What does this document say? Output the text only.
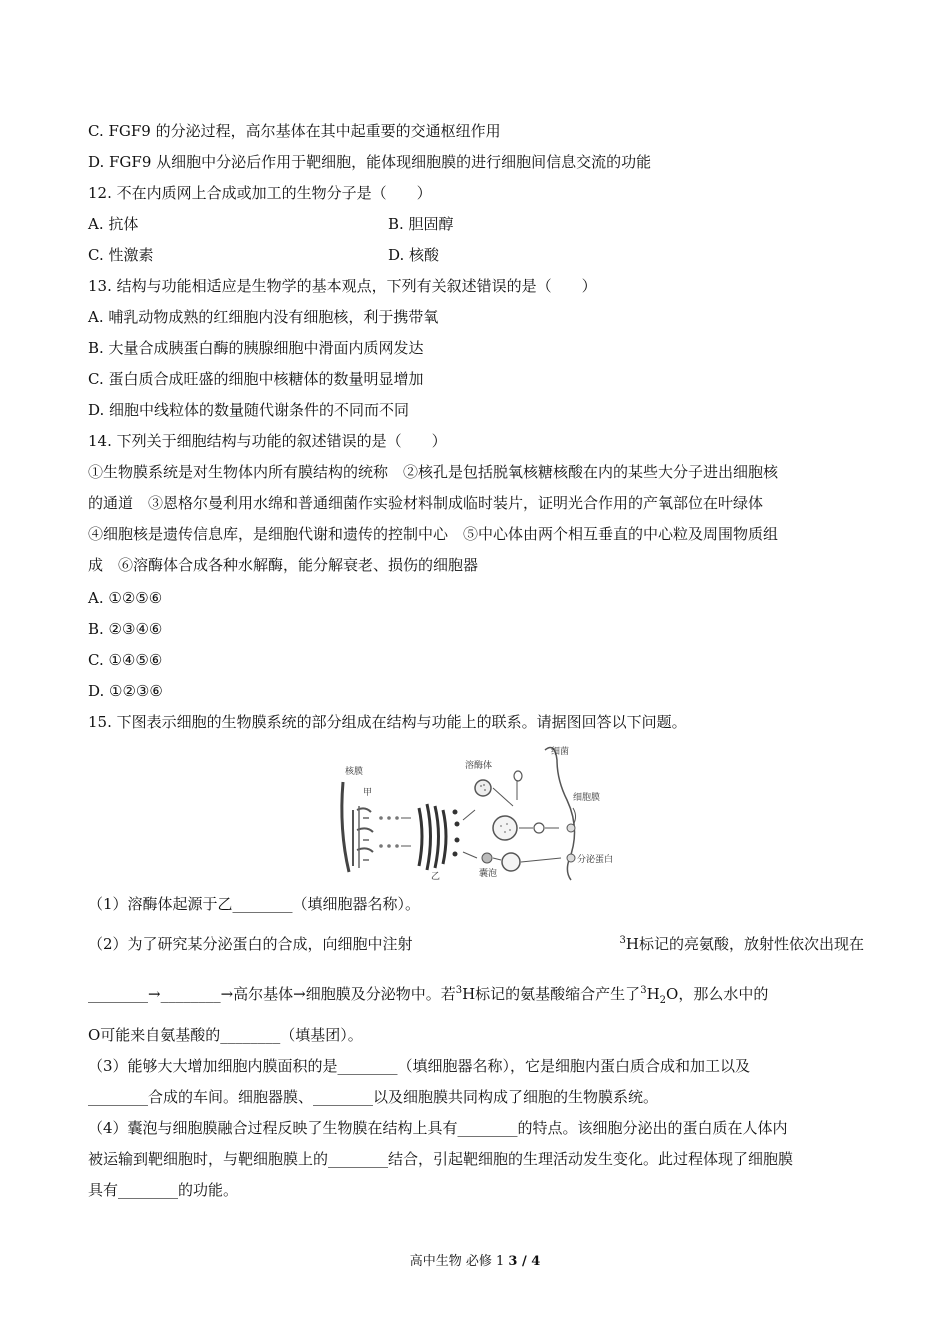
C. FGF9 的分泌过程，高尔基体在其中起重要的交通枢纽作用
D. FGF9 从细胞中分泌后作用于靶细胞，能体现细胞膜的进行细胞间信息交流的功能
12. 不在内质网上合成或加工的生物分子是（　　）
A. 抗体	B. 胆固醇
C. 性激素	D. 核酸
13. 结构与功能相适应是生物学的基本观点，下列有关叙述错误的是（　　）
A. 哺乳动物成熟的红细胞内没有细胞核，利于携带氧
B. 大量合成胰蛋白酶的胰腺细胞中滑面内质网发达
C. 蛋白质合成旺盛的细胞中核糖体的数量明显增加
D. 细胞中线粒体的数量随代谢条件的不同而不同
14. 下列关于细胞结构与功能的叙述错误的是（　　）
①生物膜系统是对生物体内所有膜结构的统称　②核孔是包括脱氧核糖核酸在内的某些大分子进出细胞核
的通道　③恩格尔曼利用水绵和普通细菌作实验材料制成临时装片，证明光合作用的产氧部位在叶绿体
④细胞核是遗传信息库，是细胞代谢和遗传的控制中心　⑤中心体由两个相互垂直的中心粒及周围物质组
成　⑥溶酶体合成各种水解酶，能分解衰老、损伤的细胞器
A. ①②⑤⑥
B. ②③④⑥
C. ①④⑤⑥
D. ①②③⑥
15. 下图表示细胞的生物膜系统的部分组成在结构与功能上的联系。请据图回答以下问题。
核膜
甲
乙
溶酶体
细菌
细胞膜
囊泡
分泌蛋白
（1）溶酶体起源于乙________（填细胞器名称）。
（2）为了研究某分泌蛋白的合成，向细胞中注射	$^3$H标记的亮氨酸，放射性依次出现在
________→________→高尔基体→细胞膜及分泌物中。若$^3$H标记的氨基酸缩合产生了$^3H_2O$，那么水中的
O可能来自氨基酸的________（填基团）。
（3）能够大大增加细胞内膜面积的是________（填细胞器名称），它是细胞内蛋白质合成和加工以及
________合成的车间。细胞器膜、________以及细胞膜共同构成了细胞的生物膜系统。
（4）囊泡与细胞膜融合过程反映了生物膜在结构上具有________的特点。该细胞分泌出的蛋白质在人体内
被运输到靶细胞时，与靶细胞膜上的________结合，引起靶细胞的生理活动发生变化。此过程体现了细胞膜
具有________的功能。
高中生物 必修 1 3 / 4
